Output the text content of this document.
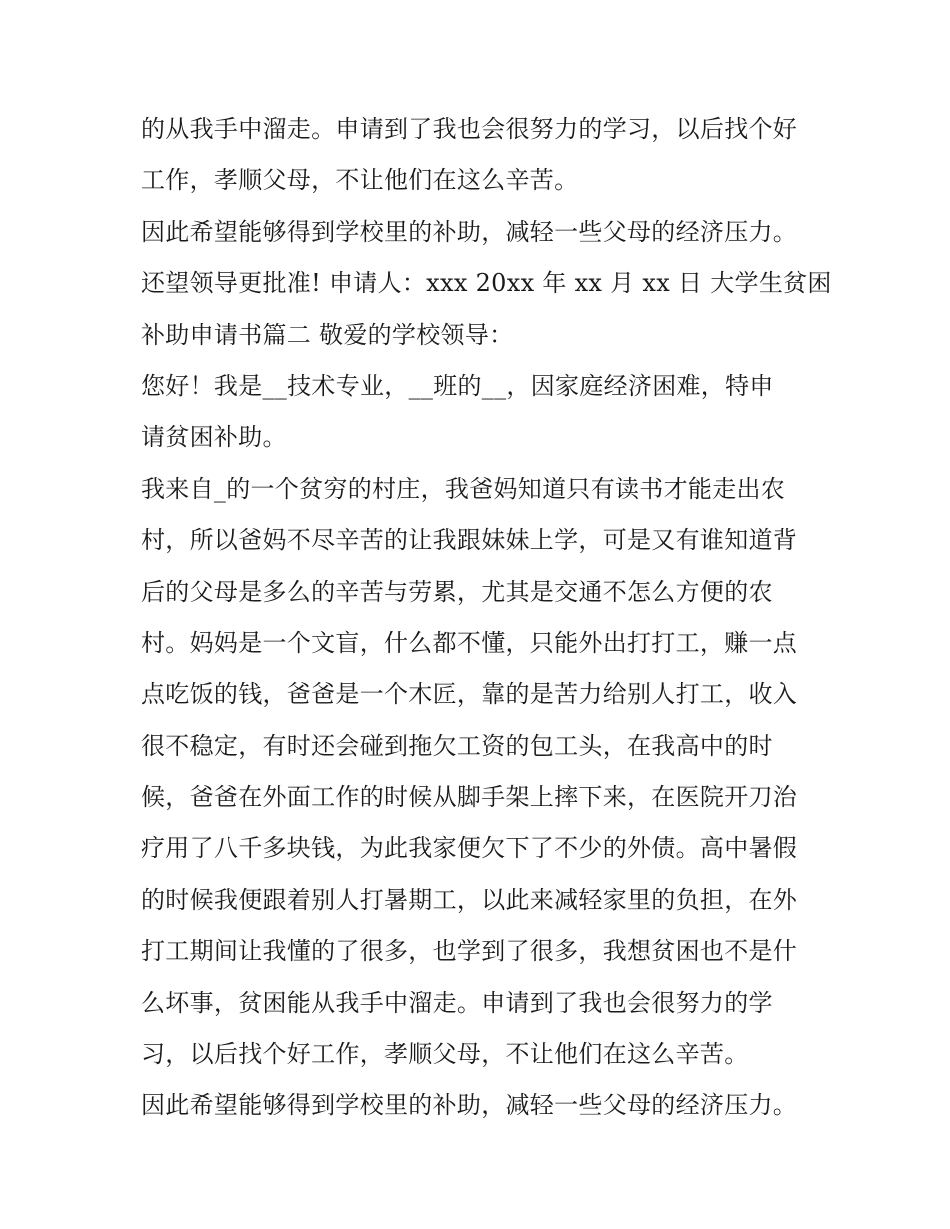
的从我手中溜走。申请到了我也会很努力的学习，以后找个好
工作，孝顺父母，不让他们在这么辛苦。
因此希望能够得到学校里的补助，减轻一些父母的经济压力。
还望领导更批准! 申请人：xxx 20xx 年 xx 月 xx 日 大学生贫困
补助申请书篇二 敬爱的学校领导：
您好！我是__技术专业，__班的__，因家庭经济困难，特申
请贫困补助。
我来自_的一个贫穷的村庄，我爸妈知道只有读书才能走出农
村，所以爸妈不尽辛苦的让我跟妹妹上学，可是又有谁知道背
后的父母是多么的辛苦与劳累，尤其是交通不怎么方便的农
村。妈妈是一个文盲，什么都不懂，只能外出打打工，赚一点
点吃饭的钱，爸爸是一个木匠，靠的是苦力给别人打工，收入
很不稳定，有时还会碰到拖欠工资的包工头，在我高中的时
候，爸爸在外面工作的时候从脚手架上摔下来，在医院开刀治
疗用了八千多块钱，为此我家便欠下了不少的外债。高中暑假
的时候我便跟着别人打暑期工，以此来减轻家里的负担，在外
打工期间让我懂的了很多，也学到了很多，我想贫困也不是什
么坏事，贫困能从我手中溜走。申请到了我也会很努力的学
习，以后找个好工作，孝顺父母，不让他们在这么辛苦。
因此希望能够得到学校里的补助，减轻一些父母的经济压力。
